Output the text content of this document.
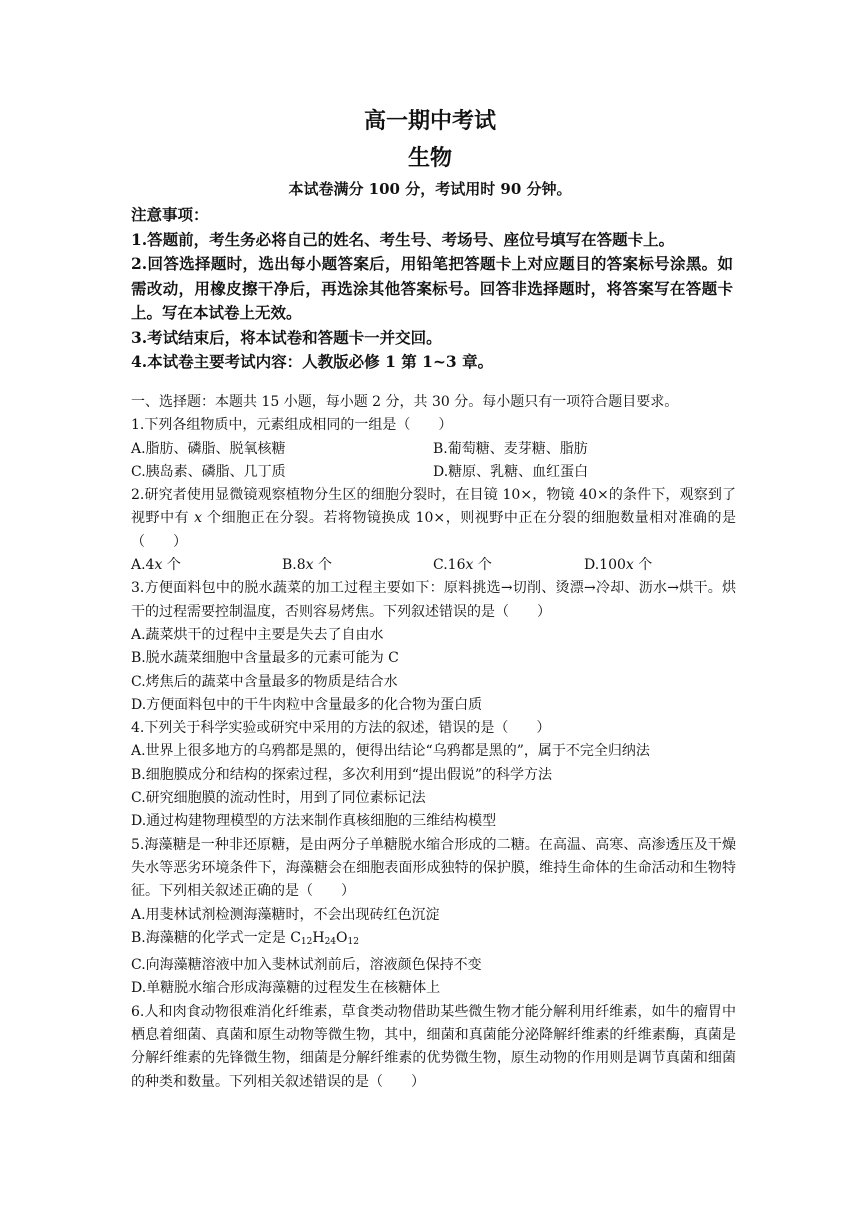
高一期中考试
生物
本试卷满分 100 分，考试用时 90 分钟。

注意事项：

1.答题前，考生务必将自己的姓名、考生号、考场号、座位号填写在答题卡上。

2.回答选择题时，选出每小题答案后，用铅笔把答题卡上对应题目的答案标号涂黑。如需改动，用橡皮擦干净后，再选涂其他答案标号。回答非选择题时，将答案写在答题卡上。写在本试卷上无效。

3.考试结束后，将本试卷和答题卡一并交回。

4.本试卷主要考试内容：人教版必修 1 第 1~3 章。

一、选择题：本题共 15 小题，每小题 2 分，共 30 分。每小题只有一项符合题目要求。

1.下列各组物质中，元素组成相同的一组是（　　）

A.脂肪、磷脂、脱氧核糖	B.葡萄糖、麦芽糖、脂肪
C.胰岛素、磷脂、几丁质	D.糖原、乳糖、血红蛋白

2.研究者使用显微镜观察植物分生区的细胞分裂时，在目镜 10×，物镜 40×的条件下，观察到了视野中有 x 个细胞正在分裂。若将物镜换成 10×，则视野中正在分裂的细胞数量相对准确的是（　　）

A.4x 个	B.8x 个	C.16x 个	D.100x 个

3.方便面料包中的脱水蔬菜的加工过程主要如下：原料挑选→切削、烫漂→冷却、沥水→烘干。烘干的过程需要控制温度，否则容易烤焦。下列叙述错误的是（　　）

A.蔬菜烘干的过程中主要是失去了自由水

B.脱水蔬菜细胞中含量最多的元素可能为 C

C.烤焦后的蔬菜中含量最多的物质是结合水

D.方便面料包中的干牛肉粒中含量最多的化合物为蛋白质

4.下列关于科学实验或研究中采用的方法的叙述，错误的是（　　）

A.世界上很多地方的乌鸦都是黑的，便得出结论“乌鸦都是黑的”，属于不完全归纳法

B.细胞膜成分和结构的探索过程，多次利用到“提出假说”的科学方法

C.研究细胞膜的流动性时，用到了同位素标记法

D.通过构建物理模型的方法来制作真核细胞的三维结构模型

5.海藻糖是一种非还原糖，是由两分子单糖脱水缩合形成的二糖。在高温、高寒、高渗透压及干燥失水等恶劣环境条件下，海藻糖会在细胞表面形成独特的保护膜，维持生命体的生命活动和生物特征。下列相关叙述正确的是（　　）

A.用斐林试剂检测海藻糖时，不会出现砖红色沉淀

B.海藻糖的化学式一定是 $C_{12}H_{24}O_{12}$

C.向海藻糖溶液中加入斐林试剂前后，溶液颜色保持不变

D.单糖脱水缩合形成海藻糖的过程发生在核糖体上

6.人和肉食动物很难消化纤维素，草食类动物借助某些微生物才能分解利用纤维素，如牛的瘤胃中栖息着细菌、真菌和原生动物等微生物，其中，细菌和真菌能分泌降解纤维素的纤维素酶，真菌是分解纤维素的先锋微生物，细菌是分解纤维素的优势微生物，原生动物的作用则是调节真菌和细菌的种类和数量。下列相关叙述错误的是（　　）
